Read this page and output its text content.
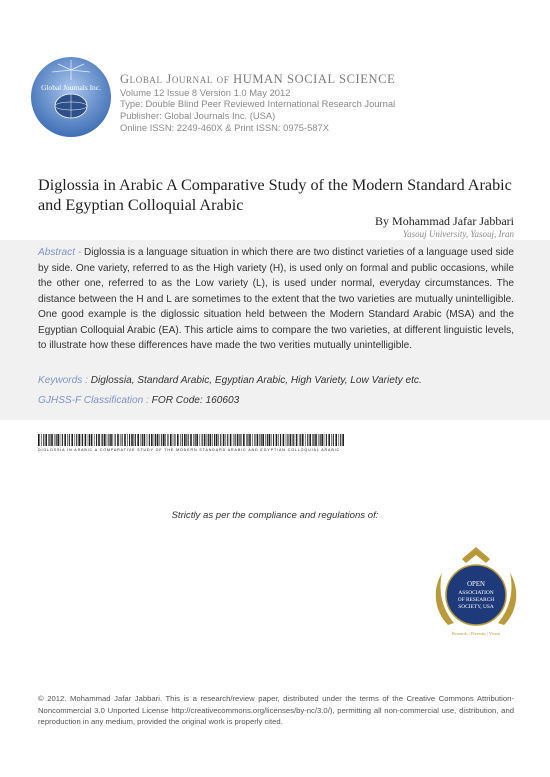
Global Journals Inc.
Global Journal of HUMAN SOCIAL SCIENCE
Volume 12 Issue 8 Version 1.0 May 2012
Type: Double Blind Peer Reviewed International Research Journal
Publisher: Global Journals Inc. (USA)
Online ISSN: 2249-460X & Print ISSN: 0975-587X
Diglossia in Arabic A Comparative Study of the Modern Standard Arabic and Egyptian Colloquial Arabic
By Mohammad Jafar Jabbari
Yasouj University, Yasouj, Iran

Abstract - Diglossia is a language situation in which there are two distinct varieties of a language used side by side. One variety, referred to as the High variety (H), is used only on formal and public occasions, while the other one, referred to as the Low variety (L), is used under normal, everyday circumstances. The distance between the H and L are sometimes to the extent that the two varieties are mutually unintelligible. One good example is the diglossic situation held between the Modern Standard Arabic (MSA) and the Egyptian Colloquial Arabic (EA). This article aims to compare the two varieties, at different linguistic levels, to illustrate how these differences have made the two verities mutually unintelligible.

Keywords : Diglossia, Standard Arabic, Egyptian Arabic, High Variety, Low Variety etc.
GJHSS-F Classification : FOR Code: 160603
DIGLOSSIA IN ARABIC A COMPARATIVE STUDY OF THE MODERN STANDARD ARABIC AND EGYPTIAN COLLOQUIAL ARABIC
Strictly as per the compliance and regulations of:
OPEN
ASSOCIATION
OF RESEARCH
SOCIETY, USA
Research | Diversity | Vision

© 2012. Mohammad Jafar Jabbari. This is a research/review paper, distributed under the terms of the Creative Commons Attribution-Noncommercial 3.0 Unported License http://creativecommons.org/licenses/by-nc/3.0/), permitting all non-commercial use, distribution, and reproduction in any medium, provided the original work is properly cited.
